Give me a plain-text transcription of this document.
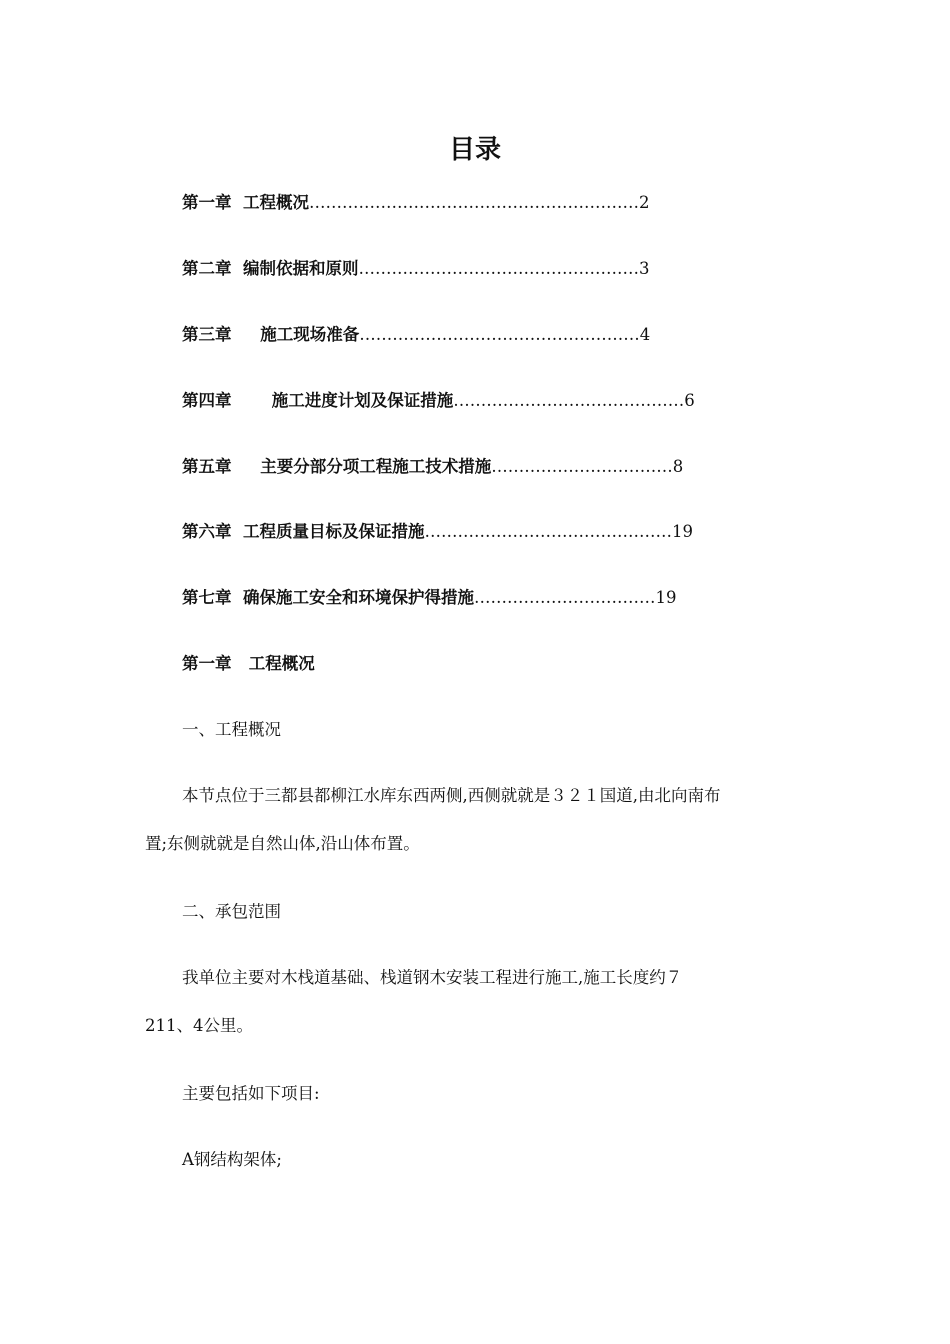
目录
第一章 工程概况……………………………………………………2
第二章 编制依据和原则……………………………………………3
第三章 施工现场准备……………………………………………4
第四章 施工进度计划及保证措施……………………………………6
第五章 主要分部分项工程施工技术措施……………………………8
第六章 工程质量目标及保证措施………………………………………19
第七章 确保施工安全和环境保护得措施……………………………19
第一章   工程概况
一、工程概况
本节点位于三都县都柳江水库东西两侧,西侧就就是３２１国道,由北向南布
置;东侧就就是自然山体,沿山体布置。
二、承包范围
我单位主要对木栈道基础、栈道钢木安装工程进行施工,施工长度约７
211、4公里。
主要包括如下项目:
A钢结构架体;
